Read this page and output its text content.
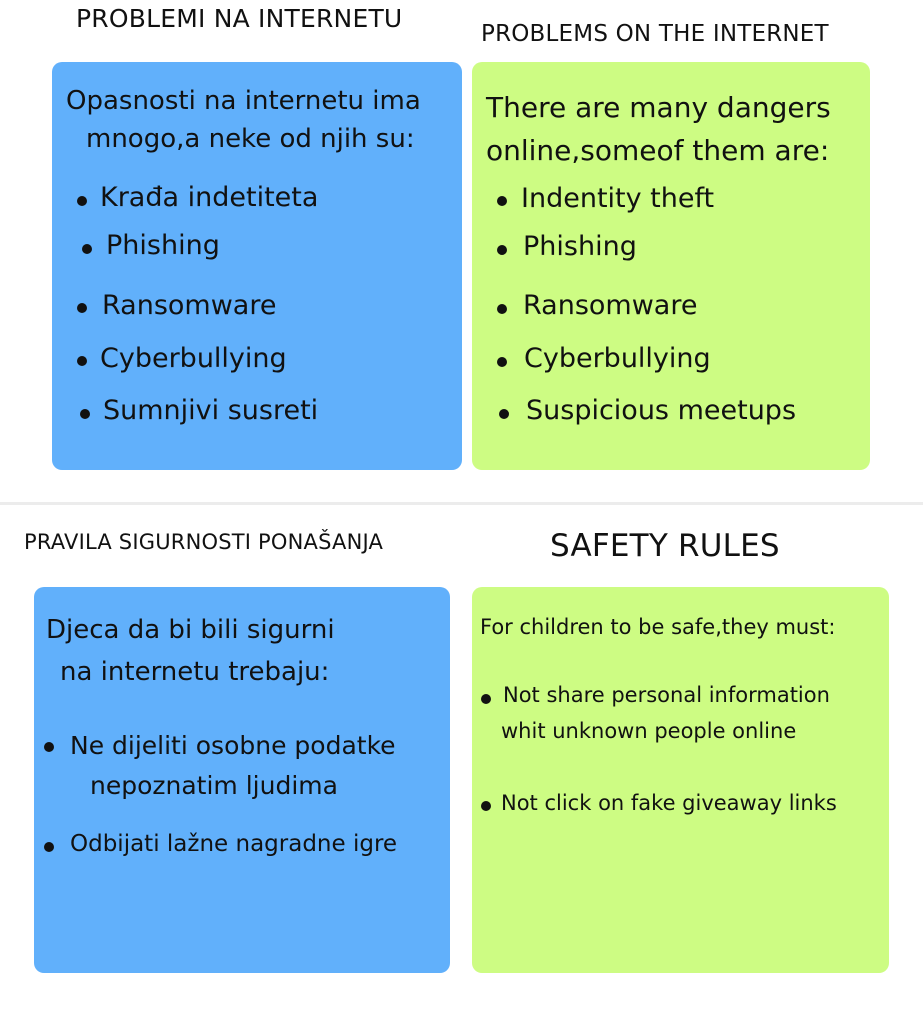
PROBLEMI NA INTERNETU
PROBLEMS ON THE INTERNET
Opasnosti na internetu ima
mnogo,a neke od njih su:
Krađa indetiteta
Phishing
Ransomware
Cyberbullying
Sumnjivi susreti
There are many dangers
online,someof them are:
Indentity theft
Phishing
Ransomware
Cyberbullying
Suspicious meetups
PRAVILA SIGURNOSTI PONAŠANJA	SAFETY RULES
Djeca da bi bili sigurni
na internetu trebaju:
Ne dijeliti osobne podatke
nepoznatim ljudima
Odbijati lažne nagradne igre
For children to be safe,they must:
Not share personal information
whit unknown people online
Not click on fake giveaway links
